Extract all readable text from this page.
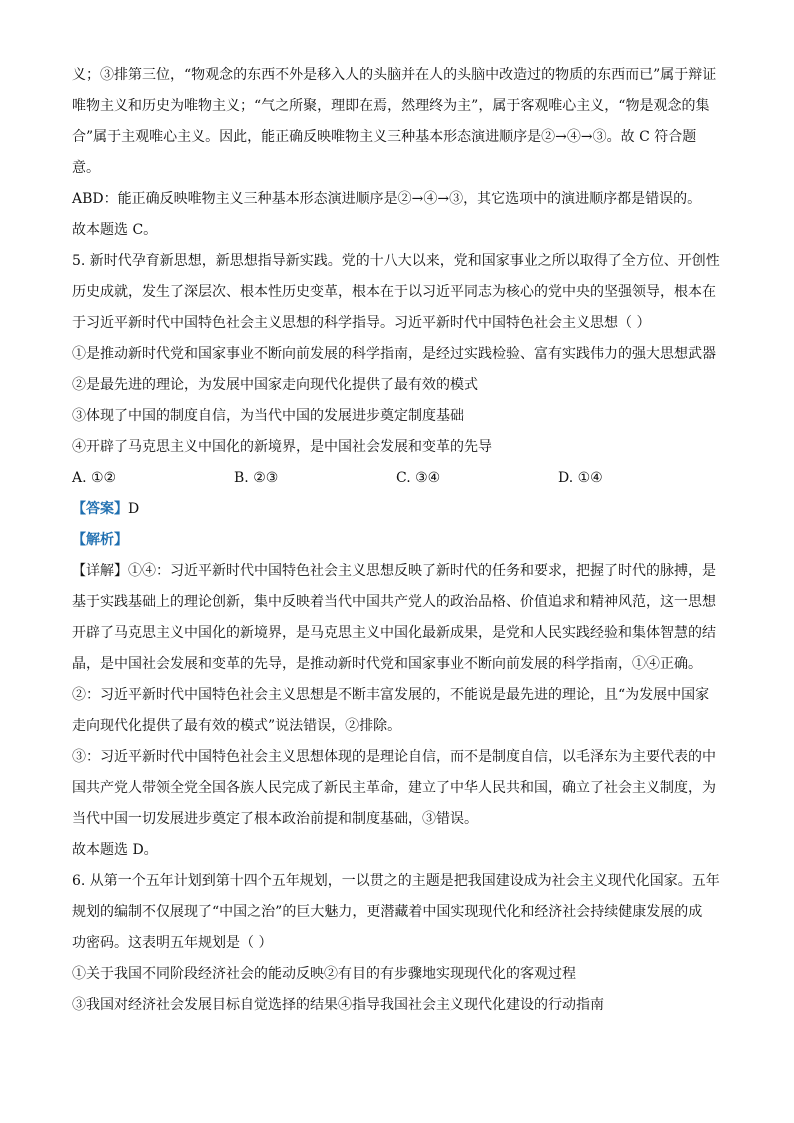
义；③排第三位，“物观念的东西不外是移入人的头脑并在人的头脑中改造过的物质的东西而已”属于辩证

唯物主义和历史为唯物主义；“气之所聚，理即在焉，然理终为主”，属于客观唯心主义，“物是观念的集

合”属于主观唯心主义。因此，能正确反映唯物主义三种基本形态演进顺序是②→④→③。故 C 符合题

意。

ABD：能正确反映唯物主义三种基本形态演进顺序是②→④→③，其它选项中的演进顺序都是错误的。

故本题选 C。

5. 新时代孕育新思想，新思想指导新实践。党的十八大以来，党和国家事业之所以取得了全方位、开创性

历史成就，发生了深层次、根本性历史变革，根本在于以习近平同志为核心的党中央的坚强领导，根本在

于习近平新时代中国特色社会主义思想的科学指导。习近平新时代中国特色社会主义思想（ ）

①是推动新时代党和国家事业不断向前发展的科学指南，是经过实践检验、富有实践伟力的强大思想武器

②是最先进的理论，为发展中国家走向现代化提供了最有效的模式

③体现了中国的制度自信，为当代中国的发展进步奠定制度基础

④开辟了马克思主义中国化的新境界，是中国社会发展和变革的先导

A. ①②	B. ②③	C. ③④	D. ①④

【答案】D

【解析】

【详解】①④：习近平新时代中国特色社会主义思想反映了新时代的任务和要求，把握了时代的脉搏，是

基于实践基础上的理论创新，集中反映着当代中国共产党人的政治品格、价值追求和精神风范，这一思想

开辟了马克思主义中国化的新境界，是马克思主义中国化最新成果，是党和人民实践经验和集体智慧的结

晶，是中国社会发展和变革的先导，是推动新时代党和国家事业不断向前发展的科学指南，①④正确。

②：习近平新时代中国特色社会主义思想是不断丰富发展的，不能说是最先进的理论，且“为发展中国家

走向现代化提供了最有效的模式”说法错误，②排除。

③：习近平新时代中国特色社会主义思想体现的是理论自信，而不是制度自信，以毛泽东为主要代表的中

国共产党人带领全党全国各族人民完成了新民主革命，建立了中华人民共和国，确立了社会主义制度，为

当代中国一切发展进步奠定了根本政治前提和制度基础，③错误。

故本题选 D。

6. 从第一个五年计划到第十四个五年规划，一以贯之的主题是把我国建设成为社会主义现代化国家。五年

规划的编制不仅展现了“中国之治”的巨大魅力，更潜藏着中国实现现代化和经济社会持续健康发展的成

功密码。这表明五年规划是（ ）

①关于我国不同阶段经济社会的能动反映②有目的有步骤地实现现代化的客观过程

③我国对经济社会发展目标自觉选择的结果④指导我国社会主义现代化建设的行动指南
